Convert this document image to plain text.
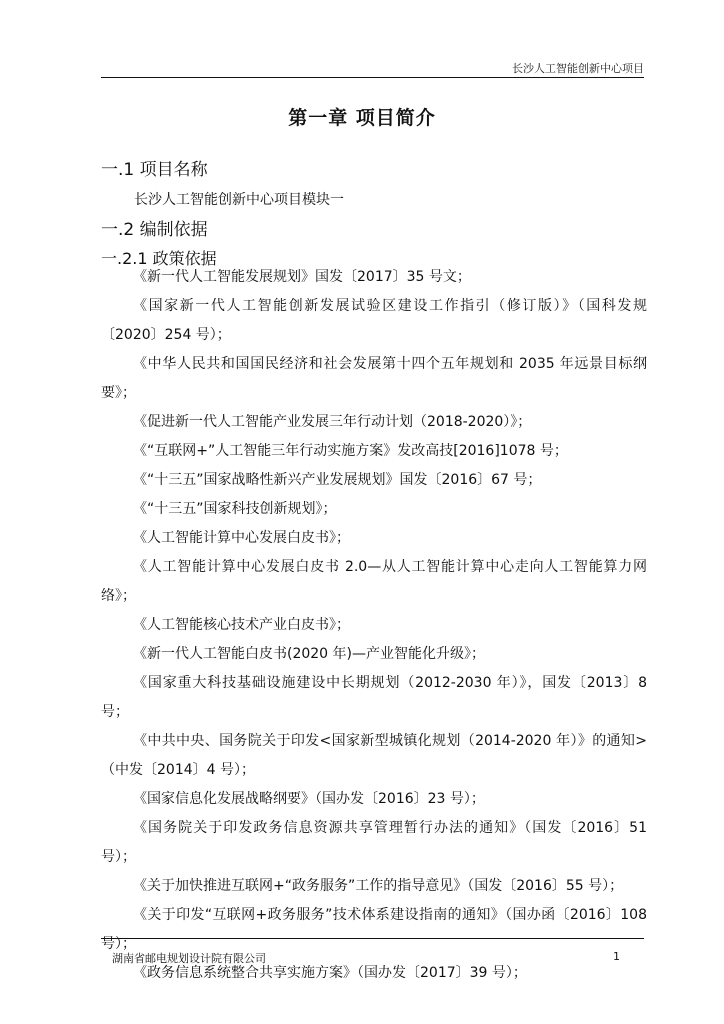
长沙人工智能创新中心项目
第一章 项目简介
一.1 项目名称
长沙人工智能创新中心项目模块一
一.2 编制依据
一.2.1 政策依据
《新一代人工智能发展规划》国发〔2017〕35 号文；
《国家新一代人工智能创新发展试验区建设工作指引（修订版）》（国科发规〔2020〕254 号）；
《中华人民共和国国民经济和社会发展第十四个五年规划和 2035 年远景目标纲要》；
《促进新一代人工智能产业发展三年行动计划（2018-2020）》；
《“互联网+”人工智能三年行动实施方案》发改高技[2016]1078 号；
《“十三五”国家战略性新兴产业发展规划》国发〔2016〕67 号；
《“十三五”国家科技创新规划》；
《人工智能计算中心发展白皮书》；
《人工智能计算中心发展白皮书 2.0—从人工智能计算中心走向人工智能算力网络》；
《人工智能核心技术产业白皮书》；
《新一代人工智能白皮书(2020 年)—产业智能化升级》；
《国家重大科技基础设施建设中长期规划（2012-2030 年）》，国发〔2013〕8 号；
《中共中央、国务院关于印发<国家新型城镇化规划（2014-2020 年）》的通知>（中发〔2014〕4 号）；
《国家信息化发展战略纲要》（国办发〔2016〕23 号）；
《国务院关于印发政务信息资源共享管理暂行办法的通知》（国发〔2016〕51 号）；
《关于加快推进互联网+“政务服务”工作的指导意见》（国发〔2016〕55 号）；
《关于印发“互联网+政务服务”技术体系建设指南的通知》（国办函〔2016〕108 号）；
《政务信息系统整合共享实施方案》（国办发〔2017〕39 号）；
湖南省邮电规划设计院有限公司	1
